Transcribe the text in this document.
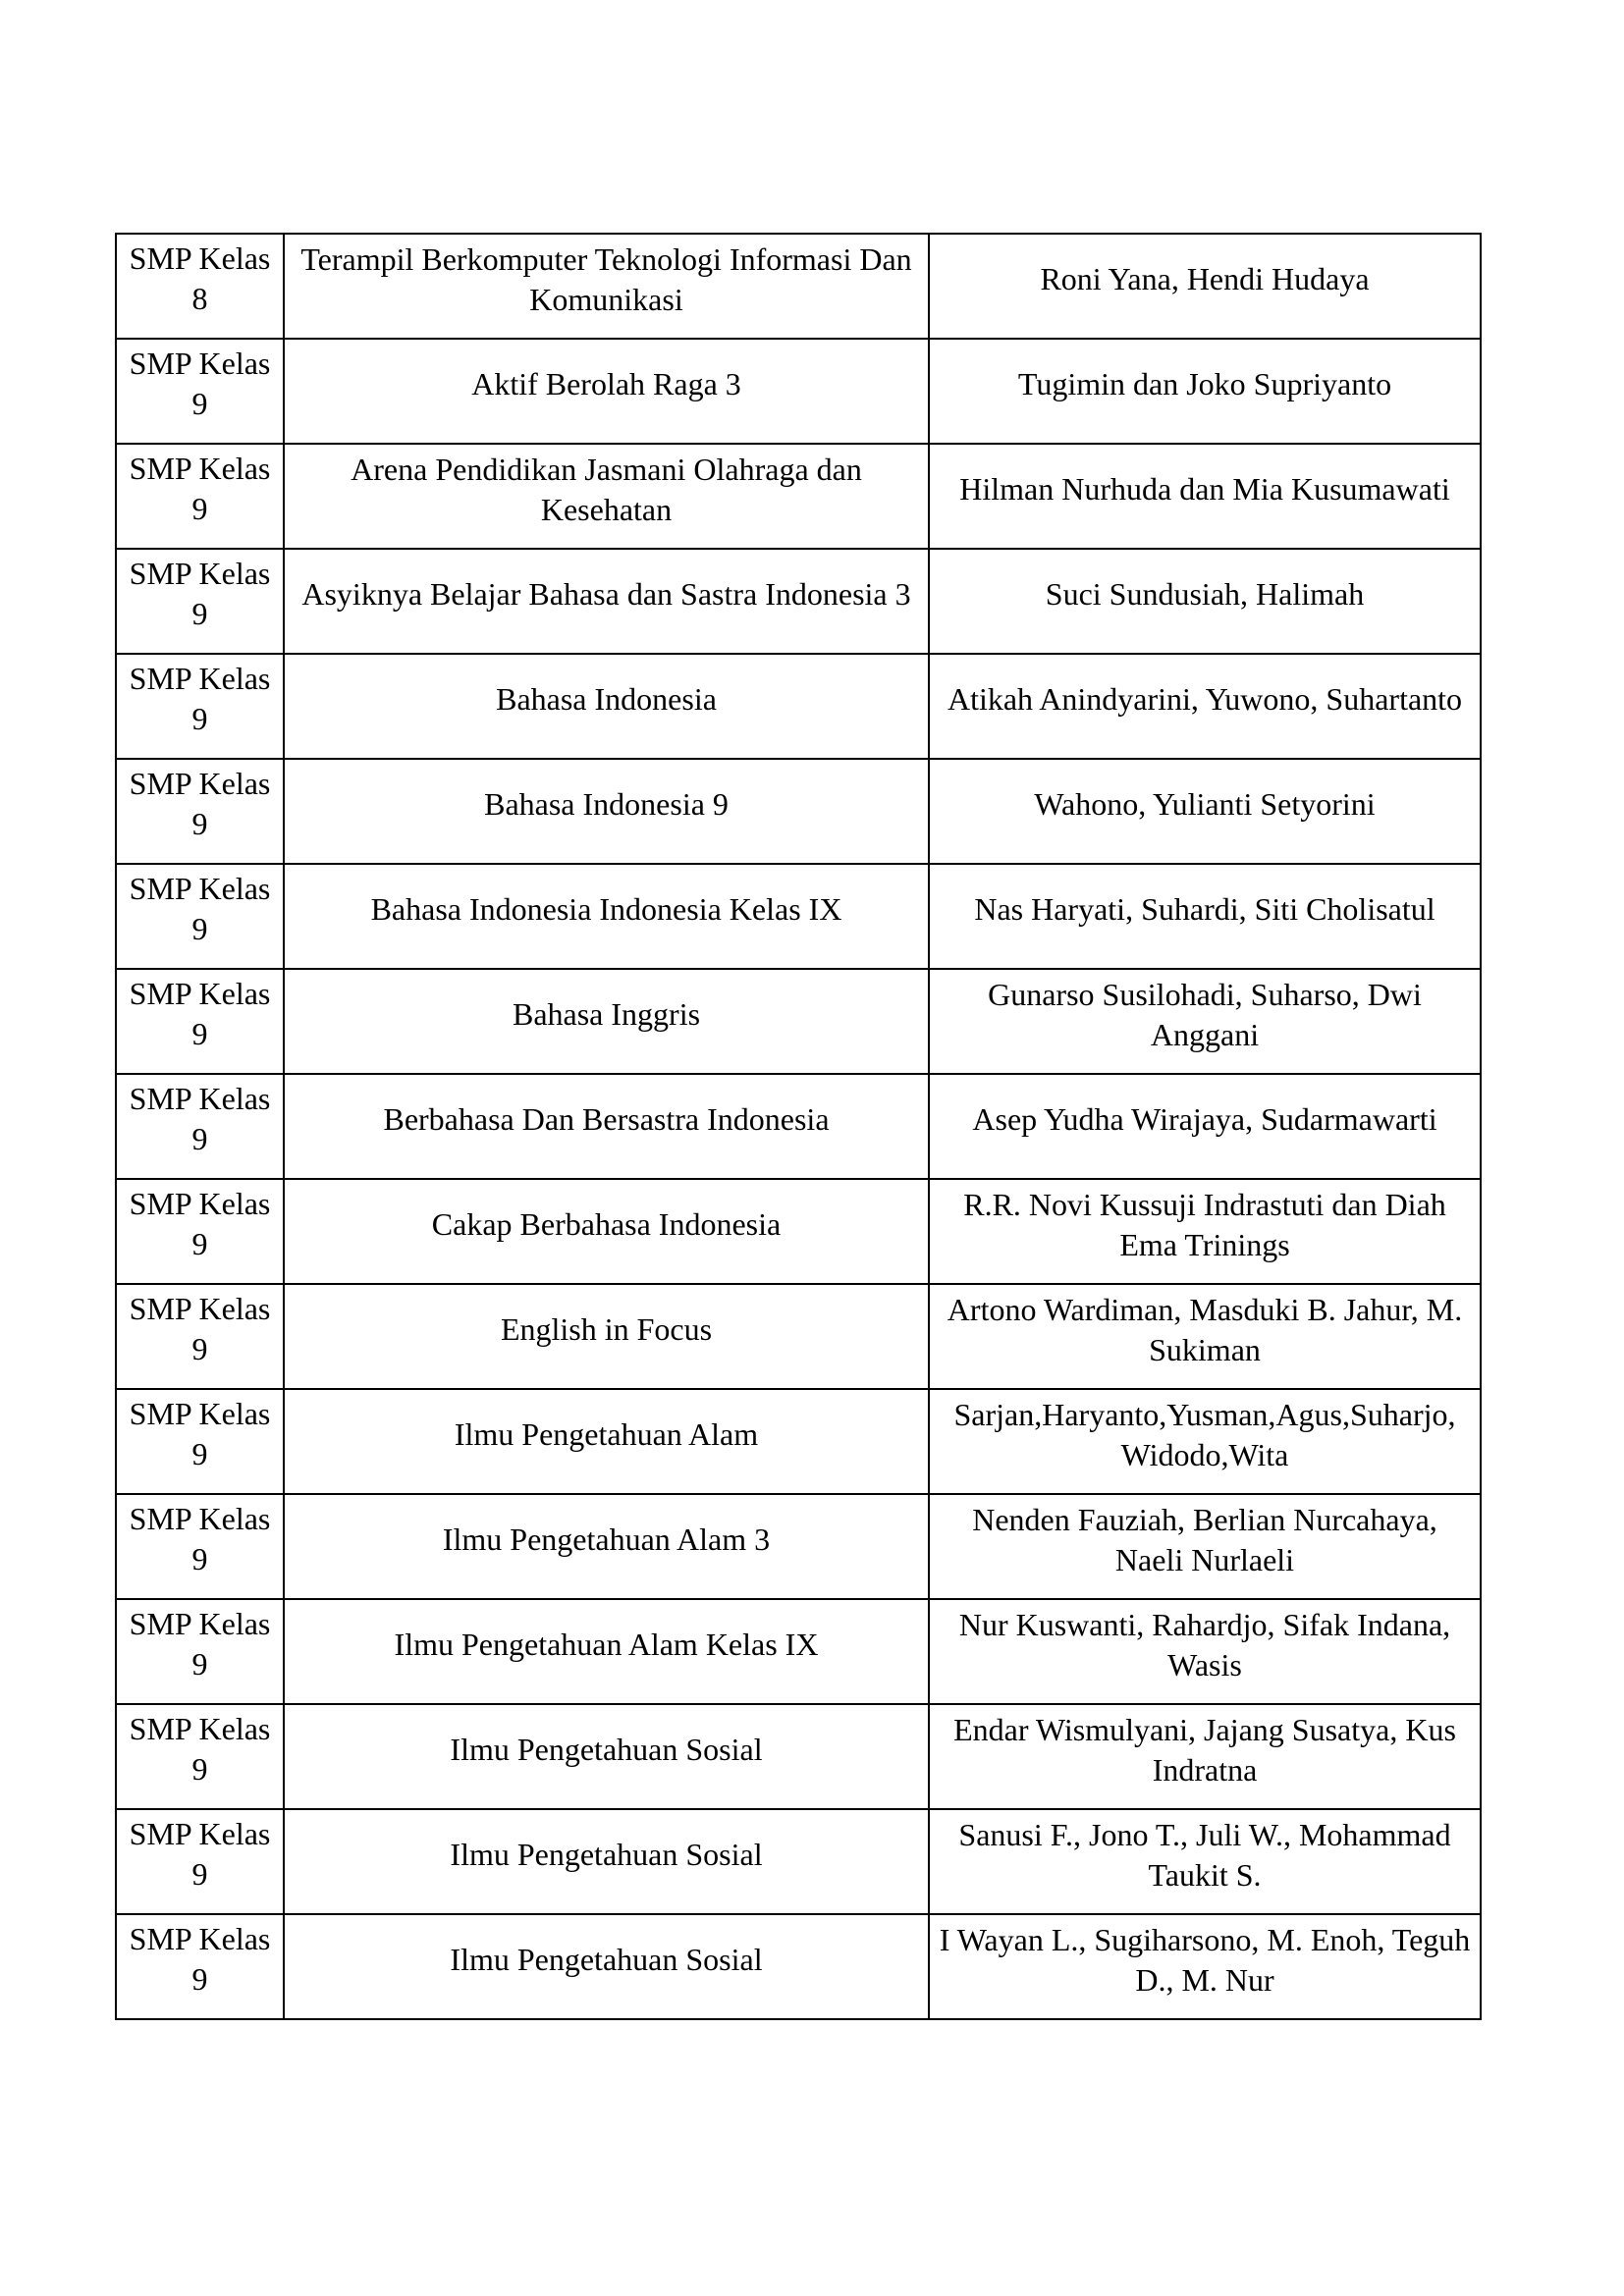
SMP Kelas 8	Terampil Berkomputer Teknologi Informasi Dan Komunikasi	Roni Yana, Hendi Hudaya
SMP Kelas 9	Aktif Berolah Raga 3	Tugimin dan Joko Supriyanto
SMP Kelas 9	Arena Pendidikan Jasmani Olahraga dan Kesehatan	Hilman Nurhuda dan Mia Kusumawati
SMP Kelas 9	Asyiknya Belajar Bahasa dan Sastra Indonesia 3	Suci Sundusiah, Halimah
SMP Kelas 9	Bahasa Indonesia	Atikah Anindyarini, Yuwono, Suhartanto
SMP Kelas 9	Bahasa Indonesia 9	Wahono, Yulianti Setyorini
SMP Kelas 9	Bahasa Indonesia Indonesia Kelas IX	Nas Haryati, Suhardi, Siti Cholisatul
SMP Kelas 9	Bahasa Inggris	Gunarso Susilohadi, Suharso, Dwi Anggani
SMP Kelas 9	Berbahasa Dan Bersastra Indonesia	Asep Yudha Wirajaya, Sudarmawarti
SMP Kelas 9	Cakap Berbahasa Indonesia	R.R. Novi Kussuji Indrastuti dan Diah Ema Trinings
SMP Kelas 9	English in Focus	Artono Wardiman, Masduki B. Jahur, M. Sukiman
SMP Kelas 9	Ilmu Pengetahuan Alam	Sarjan,Haryanto,Yusman,Agus,Suharjo, Widodo,Wita
SMP Kelas 9	Ilmu Pengetahuan Alam 3	Nenden Fauziah, Berlian Nurcahaya, Naeli Nurlaeli
SMP Kelas 9	Ilmu Pengetahuan Alam Kelas IX	Nur Kuswanti, Rahardjo, Sifak Indana, Wasis
SMP Kelas 9	Ilmu Pengetahuan Sosial	Endar Wismulyani, Jajang Susatya, Kus Indratna
SMP Kelas 9	Ilmu Pengetahuan Sosial	Sanusi F., Jono T., Juli W., Mohammad Taukit S.
SMP Kelas 9	Ilmu Pengetahuan Sosial	I Wayan L., Sugiharsono, M. Enoh, Teguh D., M. Nur
